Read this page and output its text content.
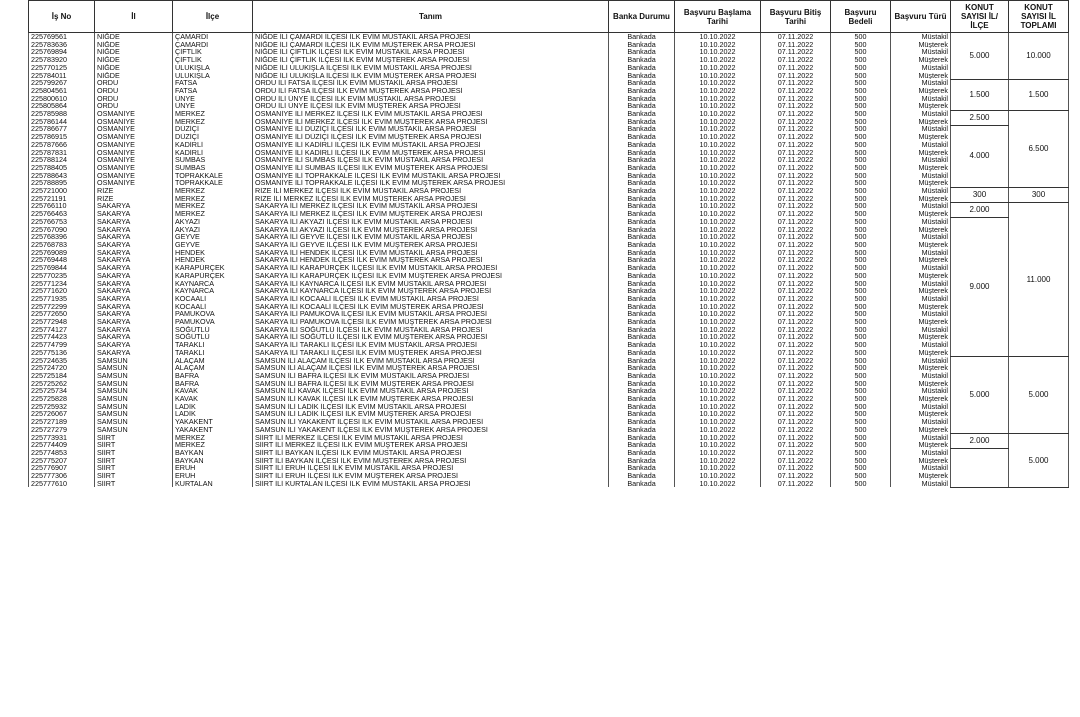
İş No	İl	İlçe	Tanım	Banka Durumu	Başvuru Başlama Tarihi	Başvuru Bitiş Tarihi	Başvuru Bedeli	Başvuru Türü	KONUT SAYISI İL/İLÇE	KONUT SAYISI İL TOPLAMI
225769561	NİĞDE	ÇAMARDI	NİĞDE İLİ ÇAMARDI İLÇESİ İLK EVİM MÜSTAKİL ARSA PROJESİ	Bankada	10.10.2022	07.11.2022	500	Müstakil	5.000	10.000
225783636	NİĞDE	ÇAMARDI	NİĞDE İLİ ÇAMARDI İLÇESİ İLK EVİM MÜŞTEREK ARSA PROJESİ	Bankada	10.10.2022	07.11.2022	500	Müşterek		
225769894	NİĞDE	ÇİFTLİK	NİĞDE İLİ ÇİFTLİK İLÇESİ İLK EVİM MÜSTAKİL ARSA PROJESİ	Bankada	10.10.2022	07.11.2022	500	Müstakil		
225783920	NİĞDE	ÇİFTLİK	NİĞDE İLİ ÇİFTLİK İLÇESİ İLK EVİM MÜŞTEREK ARSA PROJESİ	Bankada	10.10.2022	07.11.2022	500	Müşterek		
225770125	NİĞDE	ULUKIŞLA	NİĞDE İLİ ULUKIŞLA İLÇESİ İLK EVİM MÜSTAKİL ARSA PROJESİ	Bankada	10.10.2022	07.11.2022	500	Müstakil		
225784011	NİĞDE	ULUKIŞLA	NİĞDE İLİ ULUKIŞLA İLÇESİ İLK EVİM MÜŞTEREK ARSA PROJESİ	Bankada	10.10.2022	07.11.2022	500	Müşterek		
225799267	ORDU	FATSA	ORDU İLİ FATSA İLÇESİ İLK EVİM MÜSTAKİL ARSA PROJESİ	Bankada	10.10.2022	07.11.2022	500	Müstakil	1.500	1.500
225804561	ORDU	FATSA	ORDU İLİ FATSA İLÇESİ İLK EVİM MÜŞTEREK ARSA PROJESİ	Bankada	10.10.2022	07.11.2022	500	Müşterek		
225800610	ORDU	ÜNYE	ORDU İLİ ÜNYE İLÇESİ İLK EVİM MÜSTAKİL ARSA PROJESİ	Bankada	10.10.2022	07.11.2022	500	Müstakil		
225805864	ORDU	ÜNYE	ORDU İLİ ÜNYE İLÇESİ İLK EVİM MÜŞTEREK ARSA PROJESİ	Bankada	10.10.2022	07.11.2022	500	Müşterek		
225785988	OSMANİYE	MERKEZ	OSMANİYE İLİ MERKEZ İLÇESİ İLK EVİM MÜSTAKİL ARSA PROJESİ	Bankada	10.10.2022	07.11.2022	500	Müstakil	2.500	6.500
225786144	OSMANİYE	MERKEZ	OSMANİYE İLİ MERKEZ İLÇESİ İLK EVİM MÜŞTEREK ARSA PROJESİ	Bankada	10.10.2022	07.11.2022	500	Müşterek		
225786677	OSMANİYE	DÜZİÇİ	OSMANİYE İLİ DÜZİÇİ İLÇESİ İLK EVİM MÜSTAKİL ARSA PROJESİ	Bankada	10.10.2022	07.11.2022	500	Müstakil	4.000	
225786915	OSMANİYE	DÜZİÇİ	OSMANİYE İLİ DÜZİÇİ İLÇESİ İLK EVİM MÜŞTEREK ARSA PROJESİ	Bankada	10.10.2022	07.11.2022	500	Müşterek		
225787666	OSMANİYE	KADİRLİ	OSMANİYE İLİ KADİRLİ İLÇESİ İLK EVİM MÜSTAKİL ARSA PROJESİ	Bankada	10.10.2022	07.11.2022	500	Müstakil		
225787831	OSMANİYE	KADİRLİ	OSMANİYE İLİ KADİRLİ İLÇESİ İLK EVİM MÜŞTEREK ARSA PROJESİ	Bankada	10.10.2022	07.11.2022	500	Müşterek		
225788124	OSMANİYE	SUMBAS	OSMANİYE İLİ SUMBAS İLÇESİ İLK EVİM MÜSTAKİL ARSA PROJESİ	Bankada	10.10.2022	07.11.2022	500	Müstakil		
225788405	OSMANİYE	SUMBAS	OSMANİYE İLİ SUMBAS İLÇESİ İLK EVİM MÜŞTEREK ARSA PROJESİ	Bankada	10.10.2022	07.11.2022	500	Müşterek		
225788643	OSMANİYE	TOPRAKKALE	OSMANİYE İLİ TOPRAKKALE İLÇESİ İLK EVİM MÜSTAKİL ARSA PROJESİ	Bankada	10.10.2022	07.11.2022	500	Müstakil		
225788895	OSMANİYE	TOPRAKKALE	OSMANİYE İLİ TOPRAKKALE İLÇESİ İLK EVİM MÜŞTEREK ARSA PROJESİ	Bankada	10.10.2022	07.11.2022	500	Müşterek		
225721000	RİZE	MERKEZ	RİZE İLİ MERKEZ İLÇESİ İLK EVİM MÜSTAKİL ARSA PROJESİ	Bankada	10.10.2022	07.11.2022	500	Müstakil	300	300
225721191	RİZE	MERKEZ	RİZE İLİ MERKEZ İLÇESİ İLK EVİM MÜŞTEREK ARSA PROJESİ	Bankada	10.10.2022	07.11.2022	500	Müşterek		
225766110	SAKARYA	MERKEZ	SAKARYA İLİ MERKEZ İLÇESİ İLK EVİM MÜSTAKİL ARSA PROJESİ	Bankada	10.10.2022	07.11.2022	500	Müstakil	2.000	11.000
225766463	SAKARYA	MERKEZ	SAKARYA İLİ MERKEZ İLÇESİ İLK EVİM MÜŞTEREK ARSA PROJESİ	Bankada	10.10.2022	07.11.2022	500	Müşterek		
225766753	SAKARYA	AKYAZI	SAKARYA İLİ AKYAZI İLÇESİ İLK EVİM MÜSTAKİL ARSA PROJESİ	Bankada	10.10.2022	07.11.2022	500	Müstakil	9.000	
225767090	SAKARYA	AKYAZI	SAKARYA İLİ AKYAZI İLÇESİ İLK EVİM MÜŞTEREK ARSA PROJESİ	Bankada	10.10.2022	07.11.2022	500	Müşterek		
225768396	SAKARYA	GEYVE	SAKARYA İLİ GEYVE İLÇESİ İLK EVİM MÜSTAKİL ARSA PROJESİ	Bankada	10.10.2022	07.11.2022	500	Müstakil		
225768783	SAKARYA	GEYVE	SAKARYA İLİ GEYVE İLÇESİ İLK EVİM MÜŞTEREK ARSA PROJESİ	Bankada	10.10.2022	07.11.2022	500	Müşterek		
225769089	SAKARYA	HENDEK	SAKARYA İLİ HENDEK İLÇESİ İLK EVİM MÜSTAKİL ARSA PROJESİ	Bankada	10.10.2022	07.11.2022	500	Müstakil		
225769448	SAKARYA	HENDEK	SAKARYA İLİ HENDEK İLÇESİ İLK EVİM MÜŞTEREK ARSA PROJESİ	Bankada	10.10.2022	07.11.2022	500	Müşterek		
225769844	SAKARYA	KARAPÜRÇEK	SAKARYA İLİ KARAPÜRÇEK İLÇESİ İLK EVİM MÜSTAKİL ARSA PROJESİ	Bankada	10.10.2022	07.11.2022	500	Müstakil		
225770235	SAKARYA	KARAPÜRÇEK	SAKARYA İLİ KARAPÜRÇEK İLÇESİ İLK EVİM MÜŞTEREK ARSA PROJESİ	Bankada	10.10.2022	07.11.2022	500	Müşterek		
225771234	SAKARYA	KAYNARCA	SAKARYA İLİ KAYNARCA İLÇESİ İLK EVİM MÜSTAKİL ARSA PROJESİ	Bankada	10.10.2022	07.11.2022	500	Müstakil		
225771620	SAKARYA	KAYNARCA	SAKARYA İLİ KAYNARCA İLÇESİ İLK EVİM MÜŞTEREK ARSA PROJESİ	Bankada	10.10.2022	07.11.2022	500	Müşterek		
225771935	SAKARYA	KOCAALİ	SAKARYA İLİ KOCAALİ İLÇESİ İLK EVİM MÜSTAKİL ARSA PROJESİ	Bankada	10.10.2022	07.11.2022	500	Müstakil		
225772299	SAKARYA	KOCAALİ	SAKARYA İLİ KOCAALİ İLÇESİ İLK EVİM MÜŞTEREK ARSA PROJESİ	Bankada	10.10.2022	07.11.2022	500	Müşterek		
225772650	SAKARYA	PAMUKOVA	SAKARYA İLİ PAMUKOVA İLÇESİ İLK EVİM MÜSTAKİL ARSA PROJESİ	Bankada	10.10.2022	07.11.2022	500	Müstakil		
225772948	SAKARYA	PAMUKOVA	SAKARYA İLİ PAMUKOVA İLÇESİ İLK EVİM MÜŞTEREK ARSA PROJESİ	Bankada	10.10.2022	07.11.2022	500	Müşterek		
225774127	SAKARYA	SÖĞÜTLÜ	SAKARYA İLİ SÖĞÜTLÜ İLÇESİ İLK EVİM MÜSTAKİL ARSA PROJESİ	Bankada	10.10.2022	07.11.2022	500	Müstakil		
225774423	SAKARYA	SÖĞÜTLÜ	SAKARYA İLİ SÖĞÜTLÜ İLÇESİ İLK EVİM MÜŞTEREK ARSA PROJESİ	Bankada	10.10.2022	07.11.2022	500	Müşterek		
225774799	SAKARYA	TARAKLI	SAKARYA İLİ TARAKLI İLÇESİ İLK EVİM MÜSTAKİL ARSA PROJESİ	Bankada	10.10.2022	07.11.2022	500	Müstakil		
225775136	SAKARYA	TARAKLI	SAKARYA İLİ TARAKLI İLÇESİ İLK EVİM MÜŞTEREK ARSA PROJESİ	Bankada	10.10.2022	07.11.2022	500	Müşterek		
225724635	SAMSUN	ALAÇAM	SAMSUN İLİ ALAÇAM İLÇESİ İLK EVİM MÜSTAKİL ARSA PROJESİ	Bankada	10.10.2022	07.11.2022	500	Müstakil	5.000	5.000
225724720	SAMSUN	ALAÇAM	SAMSUN İLİ ALAÇAM İLÇESİ İLK EVİM MÜŞTEREK ARSA PROJESİ	Bankada	10.10.2022	07.11.2022	500	Müşterek		
225725184	SAMSUN	BAFRA	SAMSUN İLİ BAFRA İLÇESİ İLK EVİM MÜSTAKİL ARSA PROJESİ	Bankada	10.10.2022	07.11.2022	500	Müstakil		
225725262	SAMSUN	BAFRA	SAMSUN İLİ BAFRA İLÇESİ İLK EVİM MÜŞTEREK ARSA PROJESİ	Bankada	10.10.2022	07.11.2022	500	Müşterek		
225725734	SAMSUN	KAVAK	SAMSUN İLİ KAVAK İLÇESİ İLK EVİM MÜSTAKİL ARSA PROJESİ	Bankada	10.10.2022	07.11.2022	500	Müstakil		
225725828	SAMSUN	KAVAK	SAMSUN İLİ KAVAK İLÇESİ İLK EVİM MÜŞTEREK ARSA PROJESİ	Bankada	10.10.2022	07.11.2022	500	Müşterek		
225725932	SAMSUN	LADİK	SAMSUN İLİ LADİK İLÇESİ İLK EVİM MÜSTAKİL ARSA PROJESİ	Bankada	10.10.2022	07.11.2022	500	Müstakil		
225726067	SAMSUN	LADİK	SAMSUN İLİ LADİK İLÇESİ İLK EVİM MÜŞTEREK ARSA PROJESİ	Bankada	10.10.2022	07.11.2022	500	Müşterek		
225727189	SAMSUN	YAKAKENT	SAMSUN İLİ YAKAKENT İLÇESİ İLK EVİM MÜSTAKİL ARSA PROJESİ	Bankada	10.10.2022	07.11.2022	500	Müstakil		
225727279	SAMSUN	YAKAKENT	SAMSUN İLİ YAKAKENT İLÇESİ İLK EVİM MÜŞTEREK ARSA PROJESİ	Bankada	10.10.2022	07.11.2022	500	Müşterek		
225773931	SİİRT	MERKEZ	SİİRT İLİ MERKEZ İLÇESİ İLK EVİM MÜSTAKİL ARSA PROJESİ	Bankada	10.10.2022	07.11.2022	500	Müstakil	2.000	5.000
225774409	SİİRT	MERKEZ	SİİRT İLİ MERKEZ İLÇESİ İLK EVİM MÜŞTEREK ARSA PROJESİ	Bankada	10.10.2022	07.11.2022	500	Müşterek		
225774853	SİİRT	BAYKAN	SİİRT İLİ BAYKAN İLÇESİ İLK EVİM MÜSTAKİL ARSA PROJESİ	Bankada	10.10.2022	07.11.2022	500	Müstakil		
225775207	SİİRT	BAYKAN	SİİRT İLİ BAYKAN İLÇESİ İLK EVİM MÜŞTEREK ARSA PROJESİ	Bankada	10.10.2022	07.11.2022	500	Müşterek		
225776907	SİİRT	ERUH	SİİRT İLİ ERUH İLÇESİ İLK EVİM MÜSTAKİL ARSA PROJESİ	Bankada	10.10.2022	07.11.2022	500	Müstakil		
225777306	SİİRT	ERUH	SİİRT İLİ ERUH İLÇESİ İLK EVİM MÜŞTEREK ARSA PROJESİ	Bankada	10.10.2022	07.11.2022	500	Müşterek		
225777610	SİİRT	KURTALAN	SİİRT İLİ KURTALAN İLÇESİ İLK EVİM MÜSTAKİL ARSA PROJESİ	Bankada	10.10.2022	07.11.2022	500	Müstakil		
